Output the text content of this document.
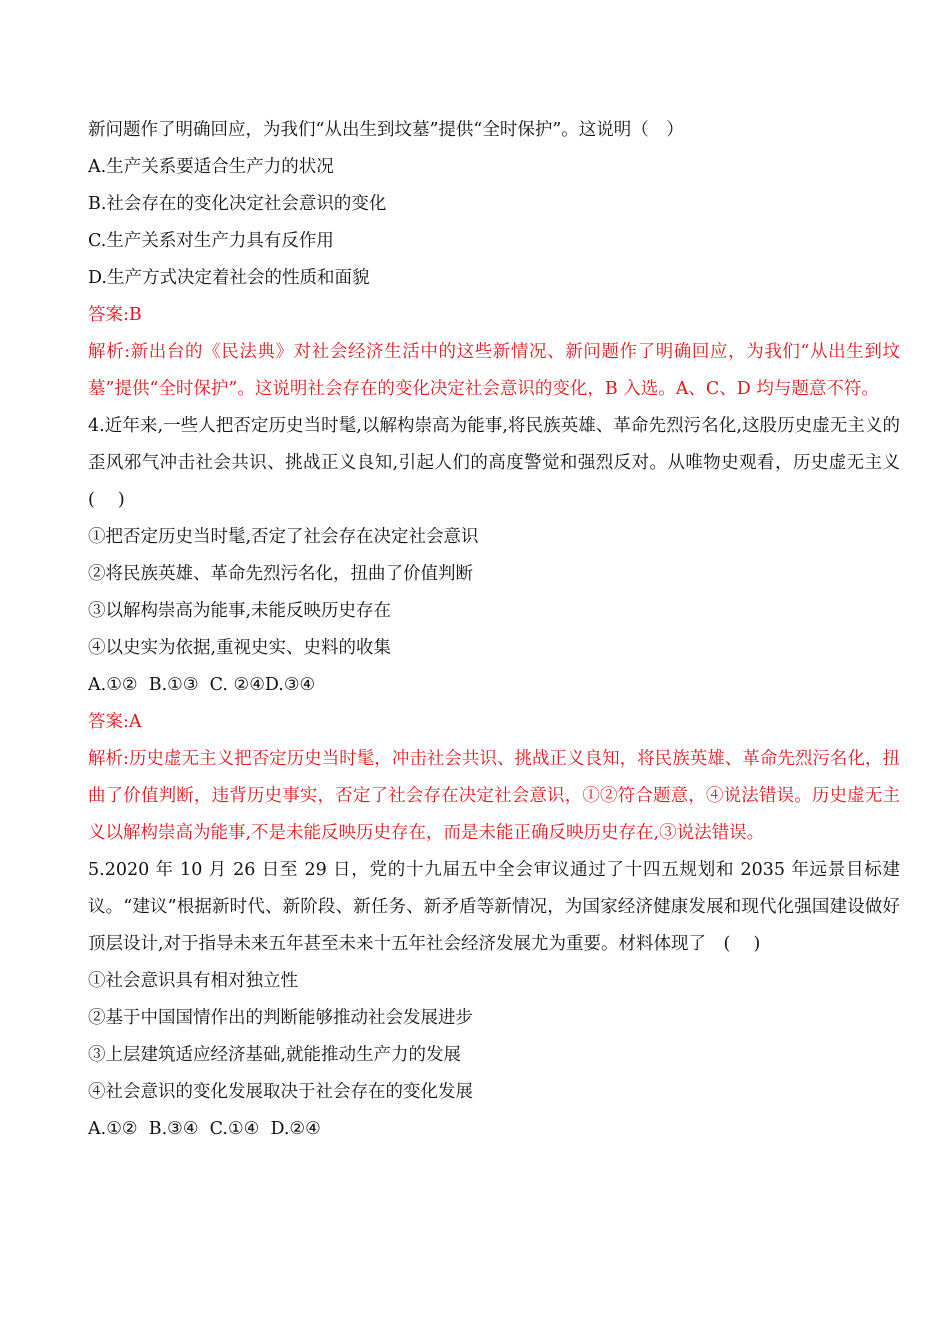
新问题作了明确回应，为我们“从出生到坟墓”提供“全时保护”。这说明（　）

A.生产关系要适合生产力的状况

B.社会存在的变化决定社会意识的变化

C.生产关系对生产力具有反作用

D.生产方式决定着社会的性质和面貌

答案:B

解析:新出台的《民法典》对社会经济生活中的这些新情况、新问题作了明确回应，为我们“从出生到坟墓”提供“全时保护”。这说明社会存在的变化决定社会意识的变化，B 入选。A、C、D 均与题意不符。

4.近年来,一些人把否定历史当时髦,以解构崇高为能事,将民族英雄、革命先烈污名化,这股历史虚无主义的歪风邪气冲击社会共识、挑战正义良知,引起人们的高度警觉和强烈反对。从唯物史观看，历史虚无主义　( 　)

①把否定历史当时髦,否定了社会存在决定社会意识

②将民族英雄、革命先烈污名化，扭曲了价值判断

③以解构崇高为能事,未能反映历史存在

④以史实为依据,重视史实、史料的收集

A.①②  B.①③  C. ②④D.③④

答案:A

解析:历史虚无主义把否定历史当时髦，冲击社会共识、挑战正义良知，将民族英雄、革命先烈污名化，扭曲了价值判断，违背历史事实，否定了社会存在决定社会意识，①②符合题意，④说法错误。历史虚无主义以解构崇高为能事,不是未能反映历史存在，而是未能正确反映历史存在,③说法错误。

5.2020 年 10 月 26 日至 29 日，党的十九届五中全会审议通过了十四五规划和 2035 年远景目标建议。“建议”根据新时代、新阶段、新任务、新矛盾等新情况，为国家经济健康发展和现代化强国建设做好顶层设计,对于指导未来五年甚至未来十五年社会经济发展尤为重要。材料体现了　( 　)

①社会意识具有相对独立性

②基于中国国情作出的判断能够推动社会发展进步

③上层建筑适应经济基础,就能推动生产力的发展

④社会意识的变化发展取决于社会存在的变化发展

A.①②  B.③④  C.①④  D.②④
